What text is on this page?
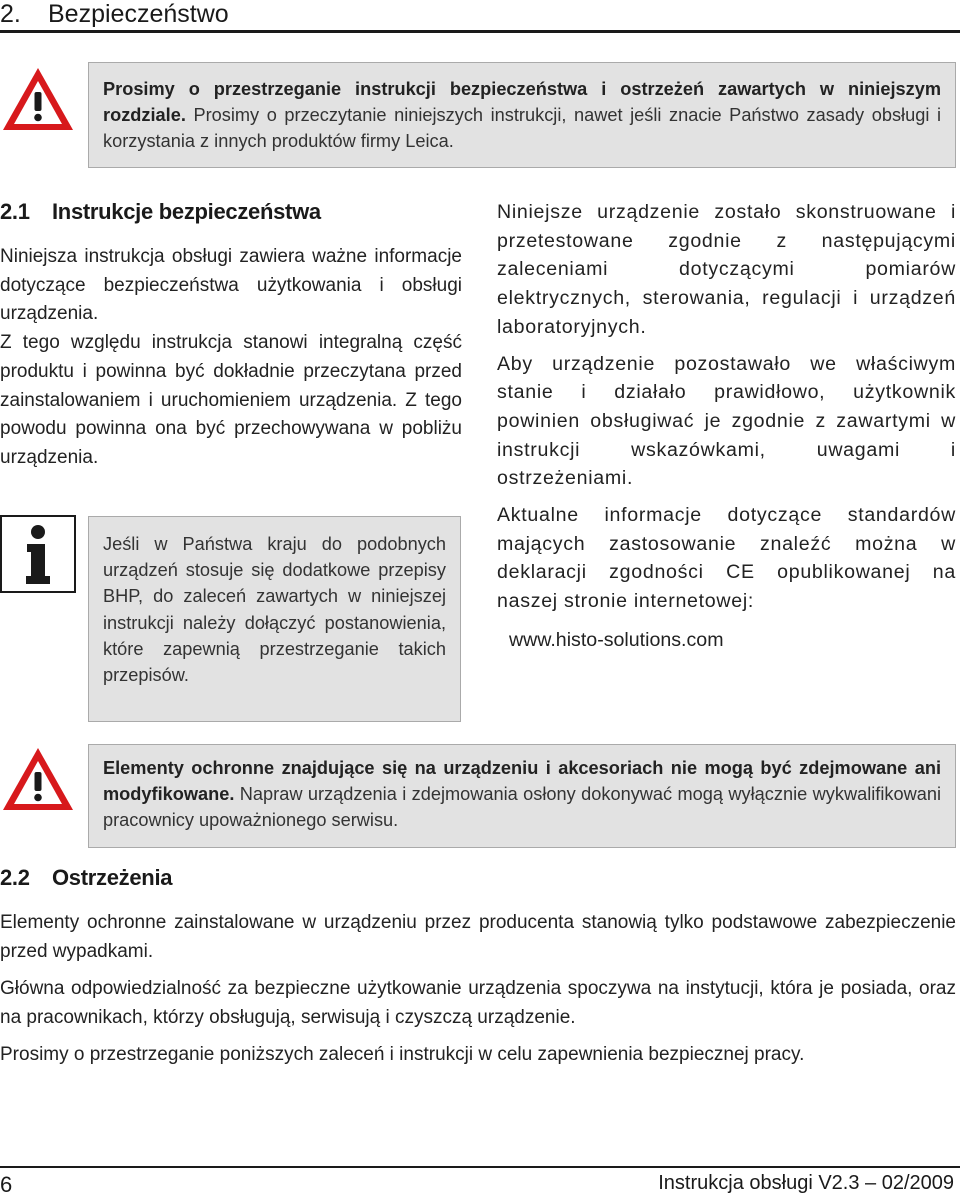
2. Bezpieczeństwo
Prosimy o przestrzeganie instrukcji bezpieczeństwa i ostrzeżeń zawartych w niniejszym rozdziale. Prosimy o przeczytanie niniejszych instrukcji, nawet jeśli znacie Państwo zasady obsługi i korzystania z innych produktów firmy Leica.
2.1 Instrukcje bezpieczeństwa

Niniejsza instrukcja obsługi zawiera ważne informacje dotyczące bezpieczeństwa użytkowania i obsługi urządzenia.

Z tego względu instrukcja stanowi integralną część produktu i powinna być dokładnie przeczytana przed zainstalowaniem i uruchomieniem urządzenia. Z tego powodu powinna ona być przechowywana w pobliżu urządzenia.

Jeśli w Państwa kraju do podobnych urządzeń stosuje się dodatkowe przepisy BHP, do zaleceń zawartych w niniejszej instrukcji należy dołączyć postanowienia, które zapewnią przestrzeganie takich przepisów.

Niniejsze urządzenie zostało skonstruowane i przetestowane zgodnie z następującymi zaleceniami dotyczącymi pomiarów elektrycznych, sterowania, regulacji i urządzeń laboratoryjnych.

Aby urządzenie pozostawało we właściwym stanie i działało prawidłowo, użytkownik powinien obsługiwać je zgodnie z zawartymi w instrukcji wskazówkami, uwagami i ostrzeżeniami.

Aktualne informacje dotyczące standardów mających zastosowanie znaleźć można w deklaracji zgodności CE opublikowanej na naszej stronie internetowej:

www.histo-solutions.com
Elementy ochronne znajdujące się na urządzeniu i akcesoriach nie mogą być zdejmowane ani modyfikowane. Napraw urządzenia i zdejmowania osłony dokonywać mogą wyłącznie wykwalifikowani pracownicy upoważnionego serwisu.
2.2 Ostrzeżenia

Elementy ochronne zainstalowane w urządzeniu przez producenta stanowią tylko podstawowe zabezpieczenie przed wypadkami.

Główna odpowiedzialność za bezpieczne użytkowanie urządzenia spoczywa na instytucji, która je posiada, oraz na pracownikach, którzy obsługują, serwisują i czyszczą urządzenie.

Prosimy o przestrzeganie poniższych zaleceń i instrukcji w celu zapewnienia bezpiecznej pracy.

6	Instrukcja obsługi V2.3 – 02/2009
